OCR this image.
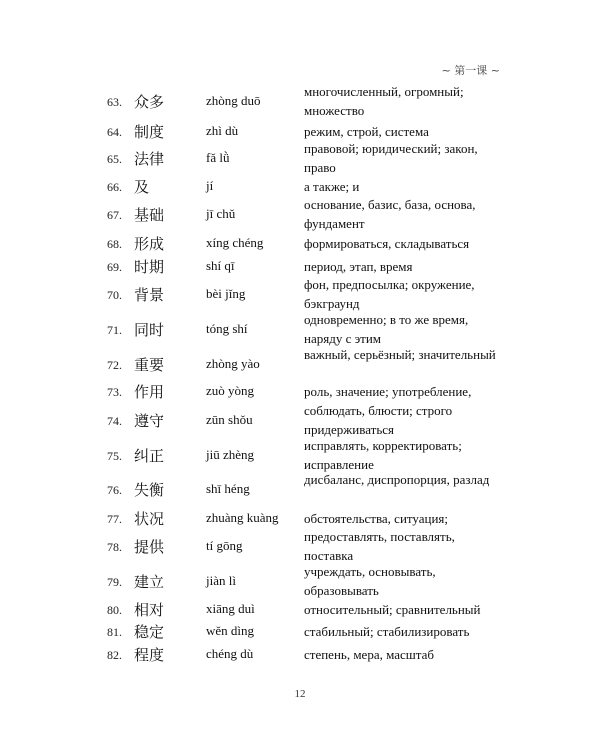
~ 第一课 ~
63. 众多	zhòng duō
многочисленный, огромный; множество
64. 制度	zhì dù	режим, строй, система
65. 法律	fǎ lǜ
правовой; юридический; закон, право
66. 及	jí	а также; и
67. 基础	jī chǔ
основание, базис, база, основа, фундамент
68. 形成	xíng chéng	формироваться, складываться
69. 时期	shí qī	период, этап, время
70. 背景	bèi jǐng
фон, предпосылка; окружение, бэкграунд
71. 同时	tóng shí
одновременно; в то же время, наряду с этим
72. 重要	zhòng yào
важный, серьёзный; значительный
73. 作用	zuò yòng	роль, значение; употребление,
74. 遵守	zūn shǒu
соблюдать, блюсти; строго придерживаться
75. 纠正	jiū zhèng
исправлять, корректировать; исправление
76. 失衡	shī héng
дисбаланс, диспропорция, разлад
77. 状况	zhuàng kuàng обстоятельства, ситуация;
78. 提供	tí gōng
предоставлять, поставлять, поставка
79. 建立	jiàn lì
учреждать, основывать, образовывать
80. 相对	xiāng duì	относительный; сравнительный
81. 稳定	wěn dìng	стабильный; стабилизировать
82. 程度	chéng dù	степень, мера, масштаб
12
